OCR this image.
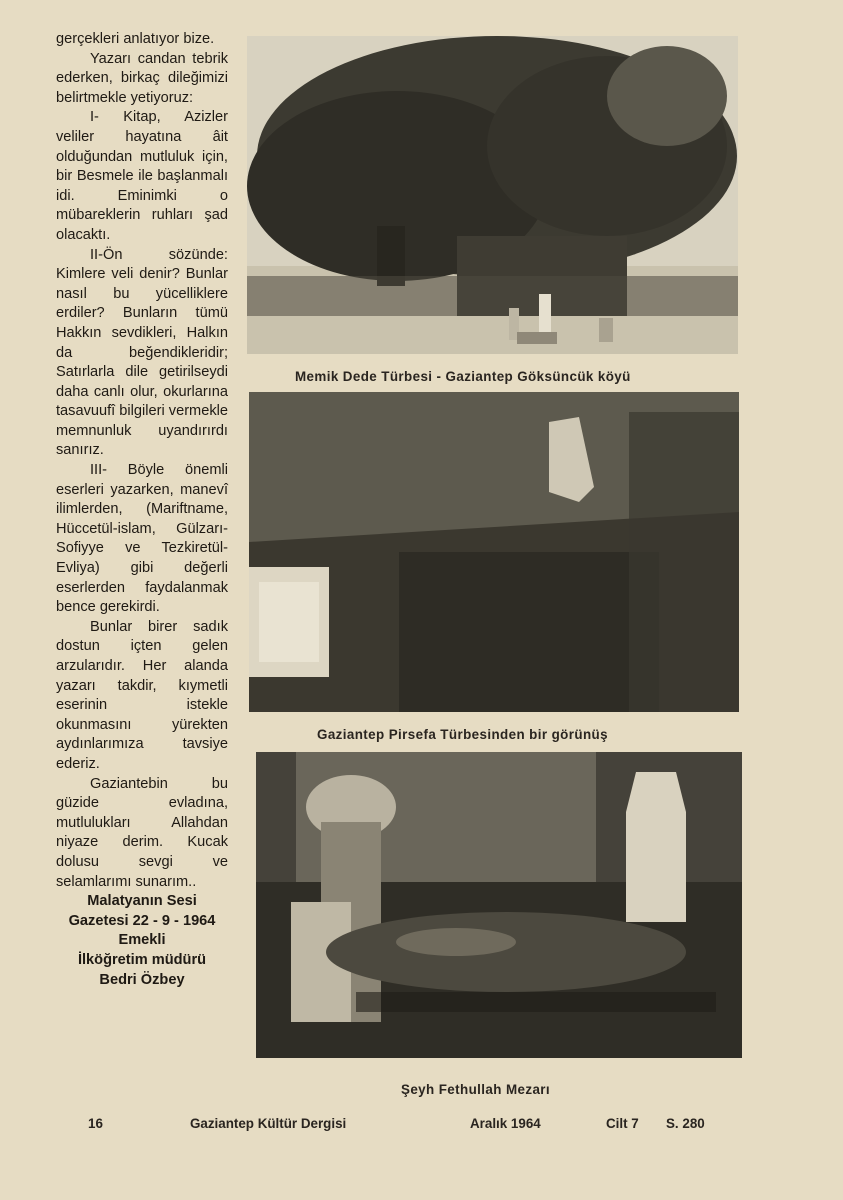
gerçekleri anlatıyor bize.

Yazarı candan tebrik ederken, birkaç dileğimizi belirtmekle yetiyoruz:

I- Kitap, Azizler veliler hayatına âit olduğundan mutluluk için, bir Besmele ile başlanmalı idi. Eminimki o mübareklerin ruhları şad olacaktı.

II-Ön sözünde: Kimlere veli denir? Bunlar nasıl bu yücelliklere erdiler? Bunların tümü Hakkın sevdikleri, Halkın da beğendikleridir; Satırlarla dile getirilseydi daha canlı olur, okurlarına tasavuufî bilgileri vermekle memnunluk uyandırırdı sanırız.

III- Böyle önemli eserleri yazarken, manevî ilimlerden, (Mariftname, Hüccetül-islam, Gülzarı-Sofiyye ve Tezkiretül-Evliya) gibi değerli eserlerden faydalanmak bence gerekirdi.

Bunlar birer sadık dostun içten gelen arzularıdır. Her alanda yazarı takdir, kıymetli eserinin istekle okunmasını yürekten aydınlarımıza tavsiye ederiz.

Gaziantebin bu güzide evladına, mutlulukları Allahdan niyaze derim. Kucak dolusu sevgi ve selamlarımı sunarım..

Malatyanın Sesi

Gazetesi 22 - 9 - 1964

Emekli

İlköğretim müdürü

Bedri Özbey

Memik Dede Türbesi - Gaziantep Göksüncük köyü
Gaziantep Pirsefa Türbesinden bir görünüş
Şeyh Fethullah Mezarı
16	Gaziantep Kültür Dergisi	Aralık 1964	Cilt 7 S. 280
